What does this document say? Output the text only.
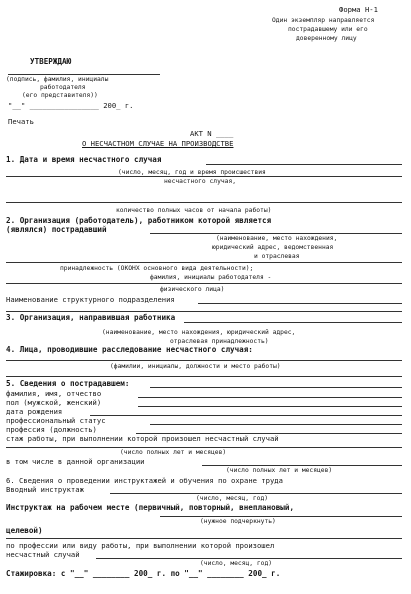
Форма Н-1
Один экземпляр направляется
пострадавшему или его
доверенному лицу
УТВЕРЖДАЮ
(подпись, фамилия, инициалы
работодателя
(его представителя))
"__" ________________ 200_ г.
Печать
АКТ N ____
О НЕСЧАСТНОМ СЛУЧАЕ НА ПРОИЗВОДСТВЕ
1. Дата и время несчастного случая
(число, месяц, год и время происшествия
несчастного случая,
количество полных часов от начала работы)
2. Организация (работодатель), работником которой является
(являлся) пострадавший
(наименование, место нахождения,
юридический адрес, ведомственная
и отраслевая
принадлежность (ОКОНХ основного вида деятельности);
фамилия, инициалы работодателя -
физического лица)
Наименование структурного подразделения
3. Организация, направившая работника
(наименование, место нахождения, юридический адрес,
отраслевая принадлежность)
4. Лица, проводившие расследование несчастного случая:
(фамилии, инициалы, должности и место работы)
5. Сведения о пострадавшем:
фамилия, имя, отчество
пол (мужской, женский)
дата рождения
профессиональный статус
профессия (должность)
стаж работы, при выполнении которой произошел несчастный случай
(число полных лет и месяцев)
в том числе в данной организации
(число полных лет и месяцев)
6. Сведения о проведении инструктажей и обучения по охране труда
Вводный инструктаж
(число, месяц, год)
Инструктаж на рабочем месте (первичный, повторный, внеплановый,
(нужное подчеркнуть)
целевой)
по профессии или виду работы, при выполнении которой произошел
несчастный случай
(число, месяц, год)
Стажировка: с "__" ________ 200_ г. по "__" ________ 200_ г.
